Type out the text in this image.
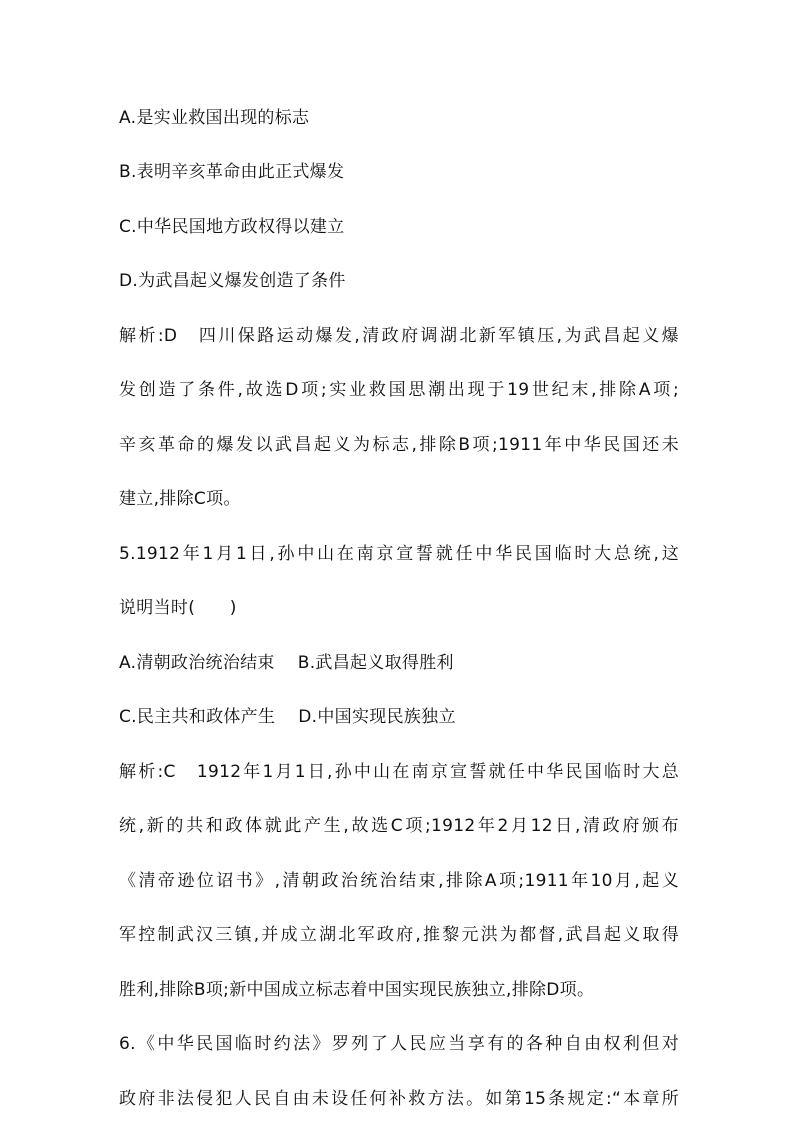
A.是实业救国出现的标志
B.表明辛亥革命由此正式爆发
C.中华民国地方政权得以建立
D.为武昌起义爆发创造了条件
解析:D　四川保路运动爆发,清政府调湖北新军镇压,为武昌起义爆
发创造了条件,故选D项;实业救国思潮出现于19世纪末,排除A项;
辛亥革命的爆发以武昌起义为标志,排除B项;1911年中华民国还未
建立,排除C项。
5.1912年1月1日,孙中山在南京宣誓就任中华民国临时大总统,这
说明当时(　　)
A.清朝政治统治结束　 B.武昌起义取得胜利
C.民主共和政体产生　 D.中国实现民族独立
解析:C　1912年1月1日,孙中山在南京宣誓就任中华民国临时大总
统,新的共和政体就此产生,故选C项;1912年2月12日,清政府颁布
《清帝逊位诏书》,清朝政治统治结束,排除A项;1911年10月,起义
军控制武汉三镇,并成立湖北军政府,推黎元洪为都督,武昌起义取得
胜利,排除B项;新中国成立标志着中国实现民族独立,排除D项。
6.《中华民国临时约法》罗列了人民应当享有的各种自由权利但对
政府非法侵犯人民自由未设任何补救方法。如第15条规定:“本章所
